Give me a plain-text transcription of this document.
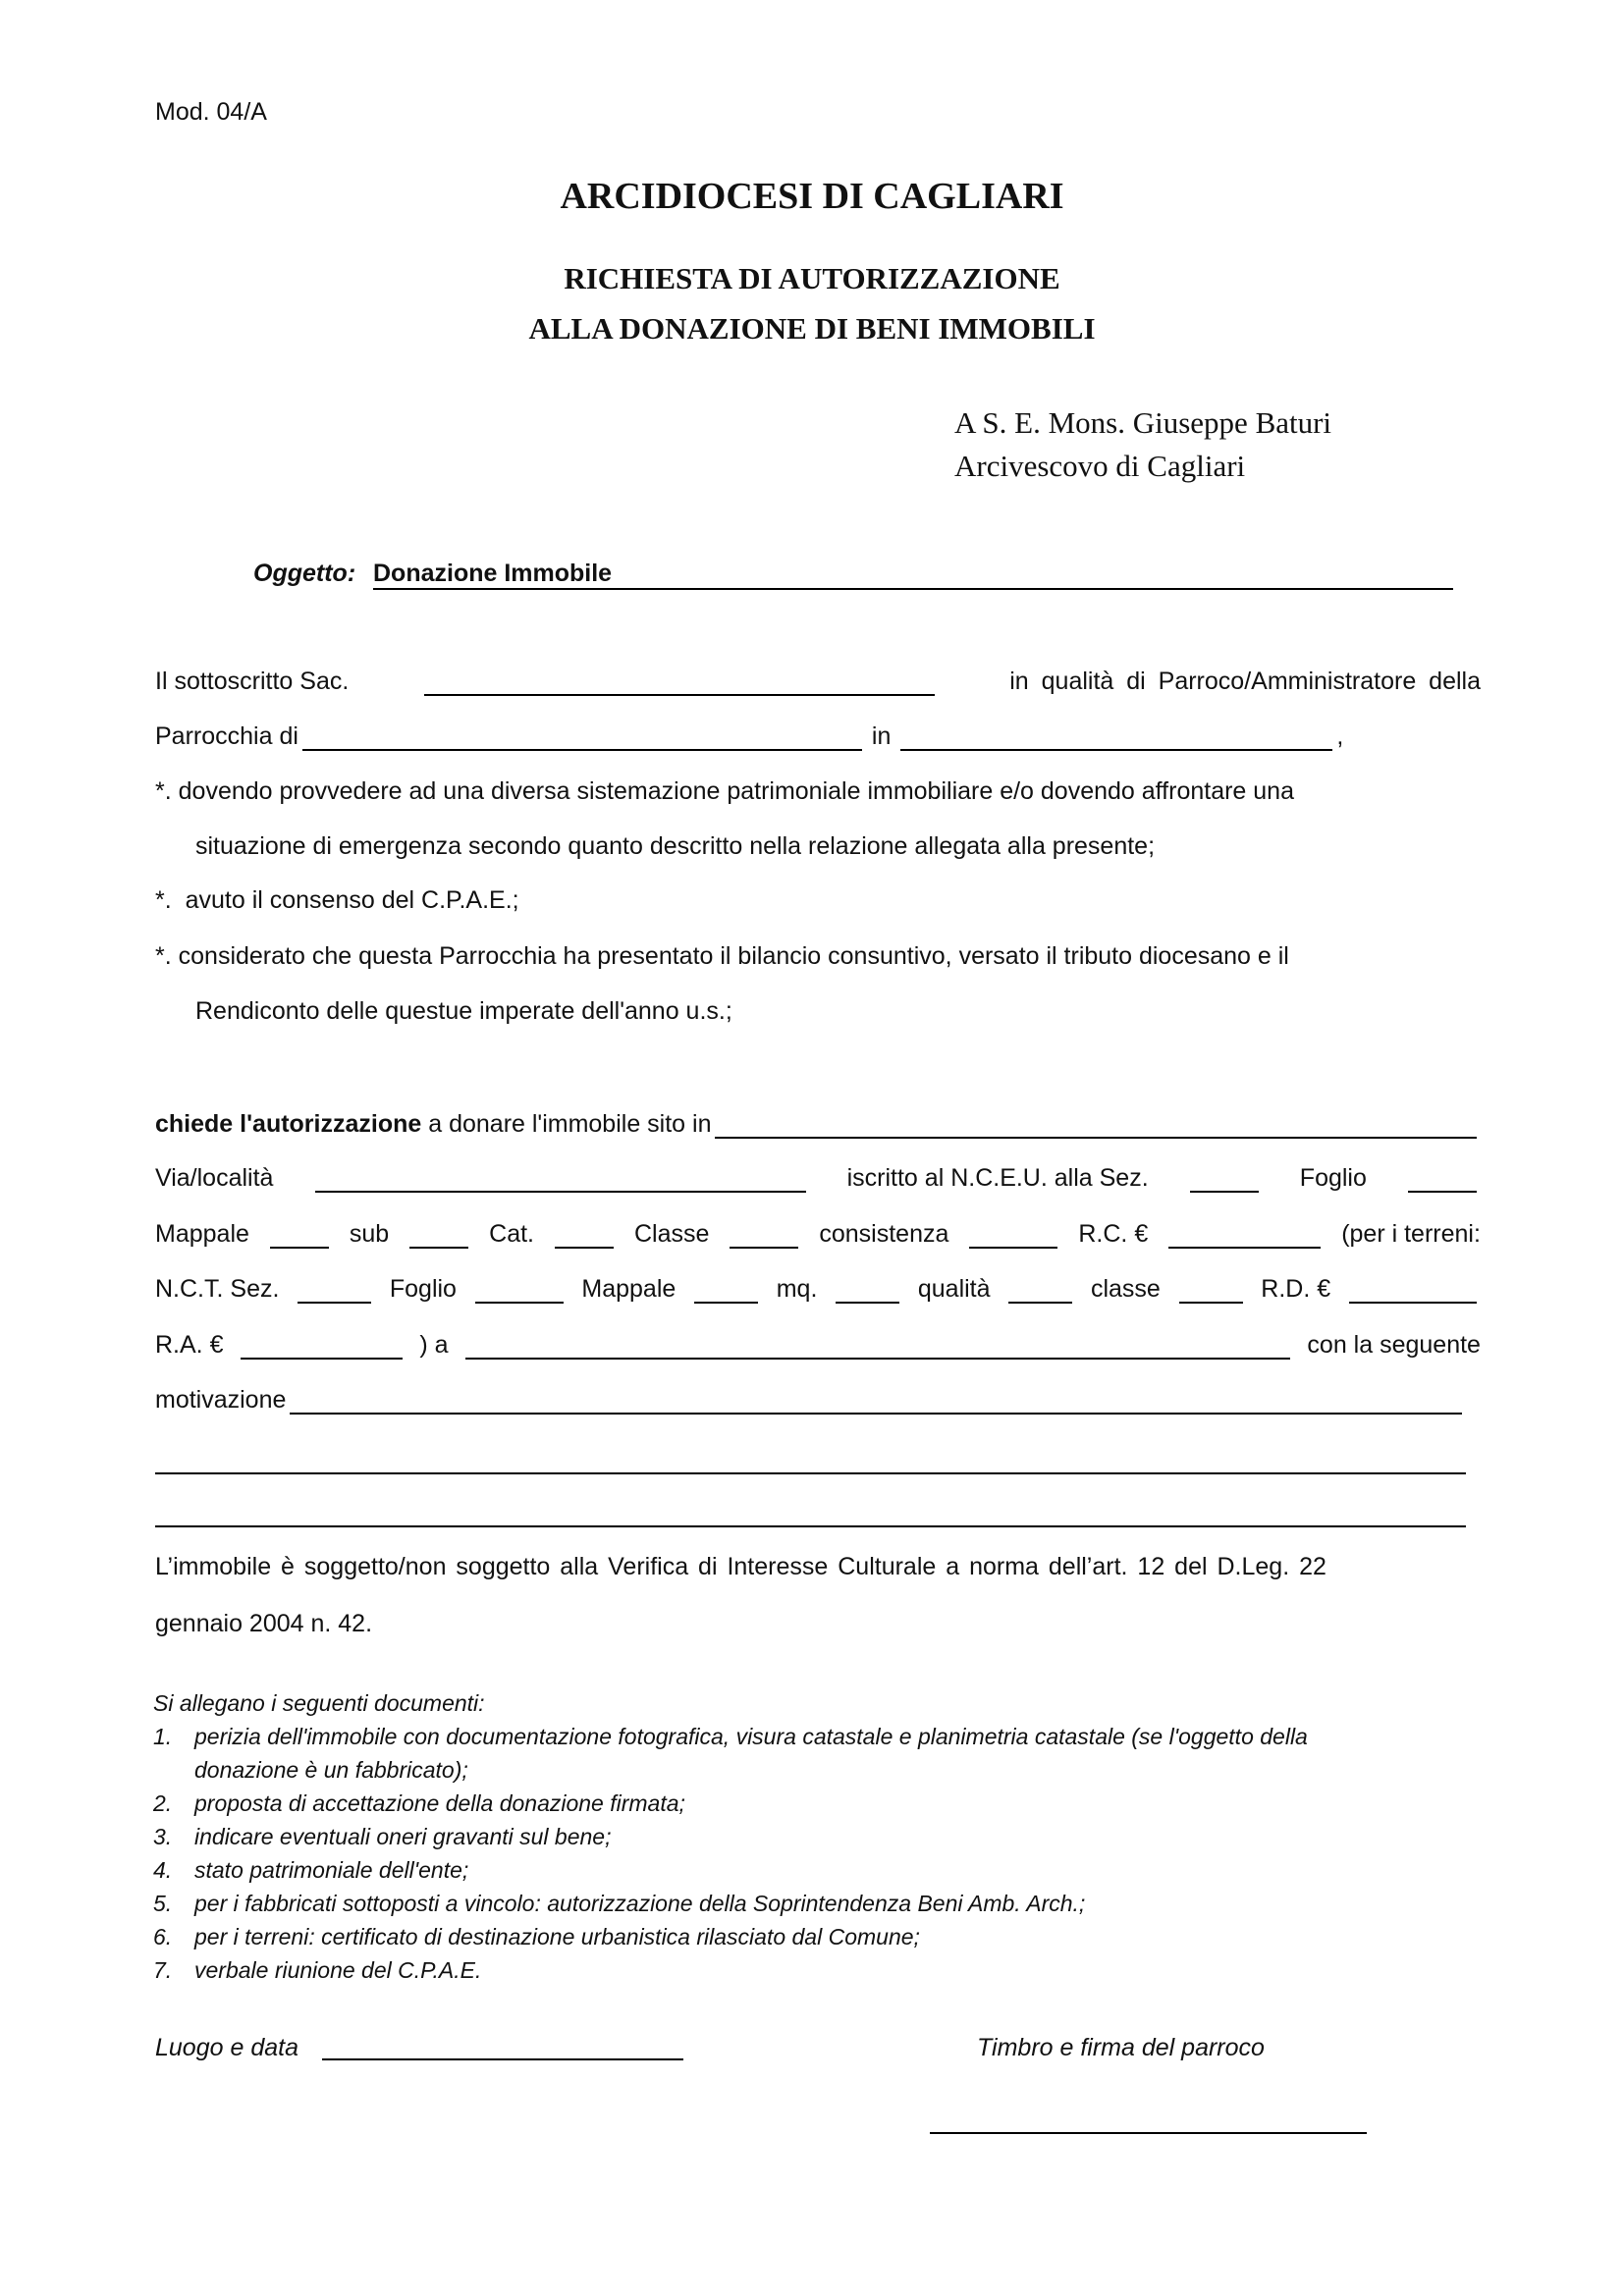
Mod. 04/A
ARCIDIOCESI DI CAGLIARI
RICHIESTA DI AUTORIZZAZIONE
ALLA DONAZIONE DI BENI IMMOBILI
A S. E. Mons. Giuseppe Baturi
Arcivescovo di Cagliari
Oggetto: Donazione Immobile
Il sottoscritto Sac.	in qualità di Parroco/Amministratore della
Parrocchia di	in	,
*. dovendo provvedere ad una diversa sistemazione patrimoniale immobiliare e/o dovendo affrontare una
situazione di emergenza secondo quanto descritto nella relazione allegata alla presente;
*.
avuto il consenso del C.P.A.E.;
*.
considerato che questa Parrocchia ha presentato il bilancio consuntivo, versato il tributo diocesano e il
Rendiconto delle questue imperate dell'anno u.s.;
chiede l'autorizzazione
a donare l'immobile sito in
Via/località	iscritto al N.C.E.U. alla Sez.	Foglio
Mappale	sub	Cat.	Classe	consistenza	R.C. €	(per i terreni:
N.C.T. Sez.	Foglio	Mappale	mq.	qualità	classe	R.D. €
R.A. €	) a	con la seguente
motivazione
L’immobile è soggetto/non soggetto alla Verifica di Interesse Culturale a norma dell’art. 12 del D.Leg. 22
gennaio 2004 n. 42.
Si allegano i seguenti documenti:
1. perizia dell'immobile con documentazione fotografica, visura catastale e planimetria catastale (se l'oggetto della
donazione è un fabbricato);
2. proposta di accettazione della donazione firmata;
3. indicare eventuali oneri gravanti sul bene;
4. stato patrimoniale dell'ente;
5. per i fabbricati sottoposti a vincolo: autorizzazione della Soprintendenza Beni Amb. Arch.;
6. per i terreni: certificato di destinazione urbanistica rilasciato dal Comune;
7. verbale riunione del C.P.A.E.
Luogo e data	Timbro e firma del parroco
